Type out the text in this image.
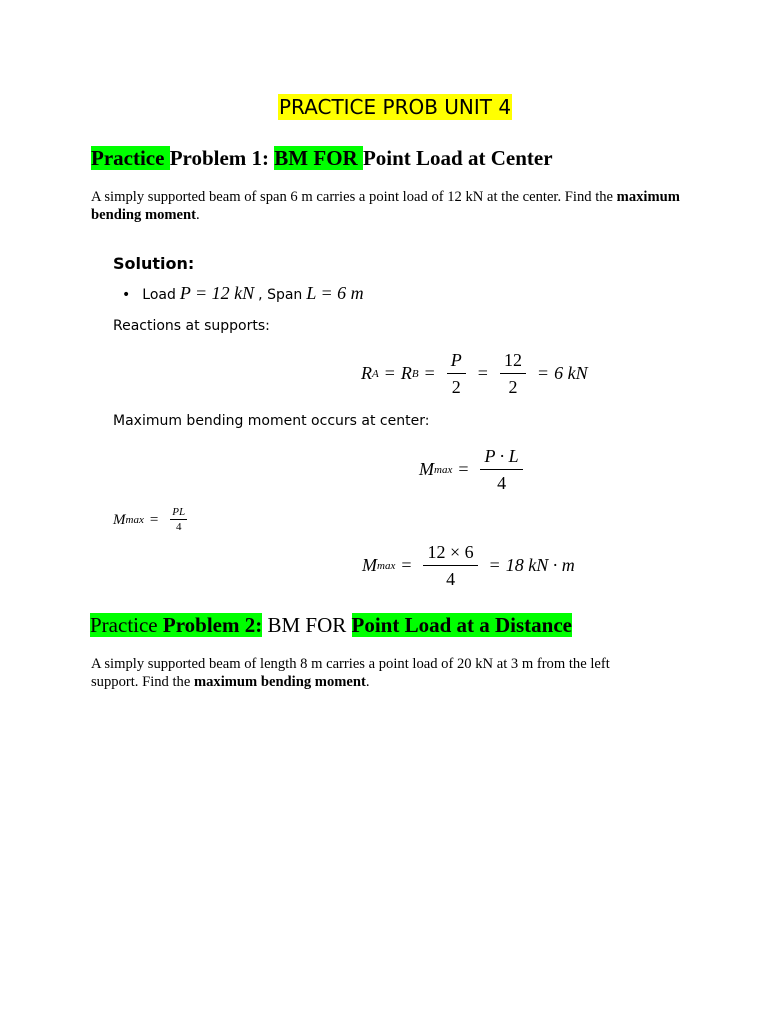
PRACTICE PROB UNIT 4
Practice Problem 1: BM FOR Point Load at Center
A simply supported beam of span 6 m carries a point load of 12 kN at the center. Find the maximum bending moment.
Solution:
• Load P = 12 kN , Span L = 6 m
Reactions at supports:
R A = R $B = \frac{P}{2} = \frac{12}{2} = 6$ kN
Maximum bending moment occurs at center:
M $\max = \frac{P \cdot L}{4}$
M $\max = \frac{PL}{4}$
M $\max = \frac{12 \times 6}{4} = 18$ kN · m
Practice Problem 2: BM FOR Point Load at a Distance
A simply supported beam of length 8 m carries a point load of 20 kN at 3 m from the left support. Find the maximum bending moment.
